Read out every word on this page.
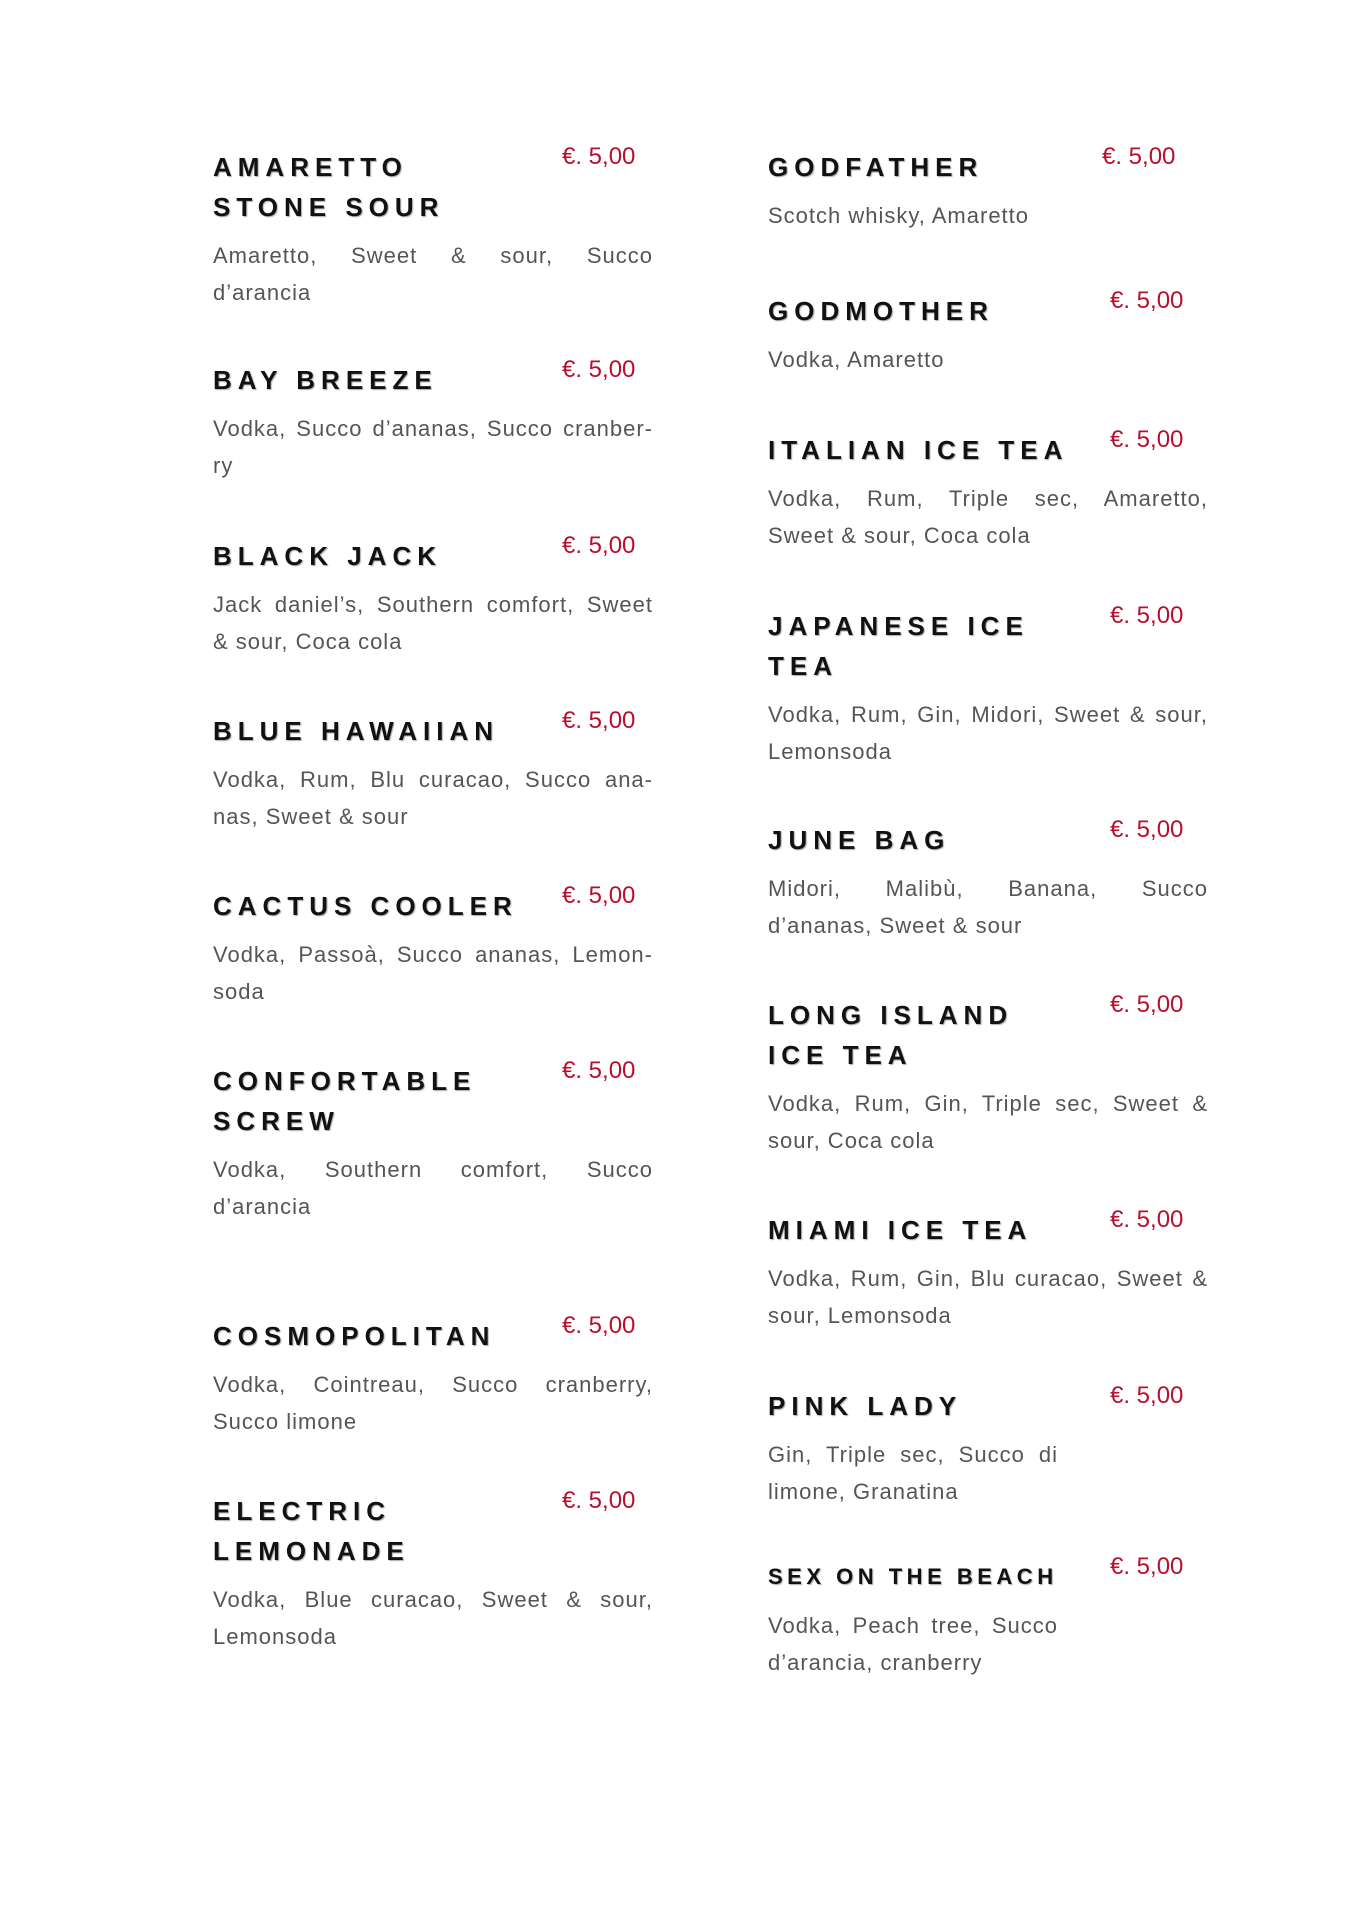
AMARETTO
STONE SOUR
€. 5,00
Amaretto, Sweet & sour, Succo
d’arancia
BAY BREEZE	€. 5,00
Vodka, Succo d’ananas, Succo cranber-
ry
BLACK JACK	€. 5,00
Jack daniel’s, Southern comfort, Sweet
& sour, Coca cola
BLUE HAWAIIAN	€. 5,00
Vodka, Rum, Blu curacao, Succo ana-
nas, Sweet & sour
CACTUS COOLER	€. 5,00
Vodka, Passoà, Succo ananas, Lemon-
soda
CONFORTABLE
SCREW
€. 5,00
Vodka, Southern comfort, Succo
d’arancia
COSMOPOLITAN	€. 5,00
Vodka, Cointreau, Succo cranberry,
Succo limone
ELECTRIC
LEMONADE
€. 5,00
Vodka, Blue curacao, Sweet & sour,
Lemonsoda
GODFATHER	€. 5,00
Scotch whisky, Amaretto
GODMOTHER	€. 5,00
Vodka, Amaretto
ITALIAN ICE TEA	€. 5,00
Vodka, Rum, Triple sec, Amaretto,
Sweet & sour, Coca cola
JAPANESE ICE
TEA
€. 5,00
Vodka, Rum, Gin, Midori, Sweet & sour,
Lemonsoda
JUNE BAG	€. 5,00
Midori, Malibù, Banana, Succo
d’ananas, Sweet & sour
LONG ISLAND
ICE TEA
€. 5,00
Vodka, Rum, Gin, Triple sec, Sweet &
sour, Coca cola
MIAMI ICE TEA	€. 5,00
Vodka, Rum, Gin, Blu curacao, Sweet &
sour, Lemonsoda
PINK LADY	€. 5,00
Gin, Triple sec, Succo di
limone, Granatina
SEX ON THE BEACH	€. 5,00
Vodka, Peach tree, Succo
d’arancia, cranberry
